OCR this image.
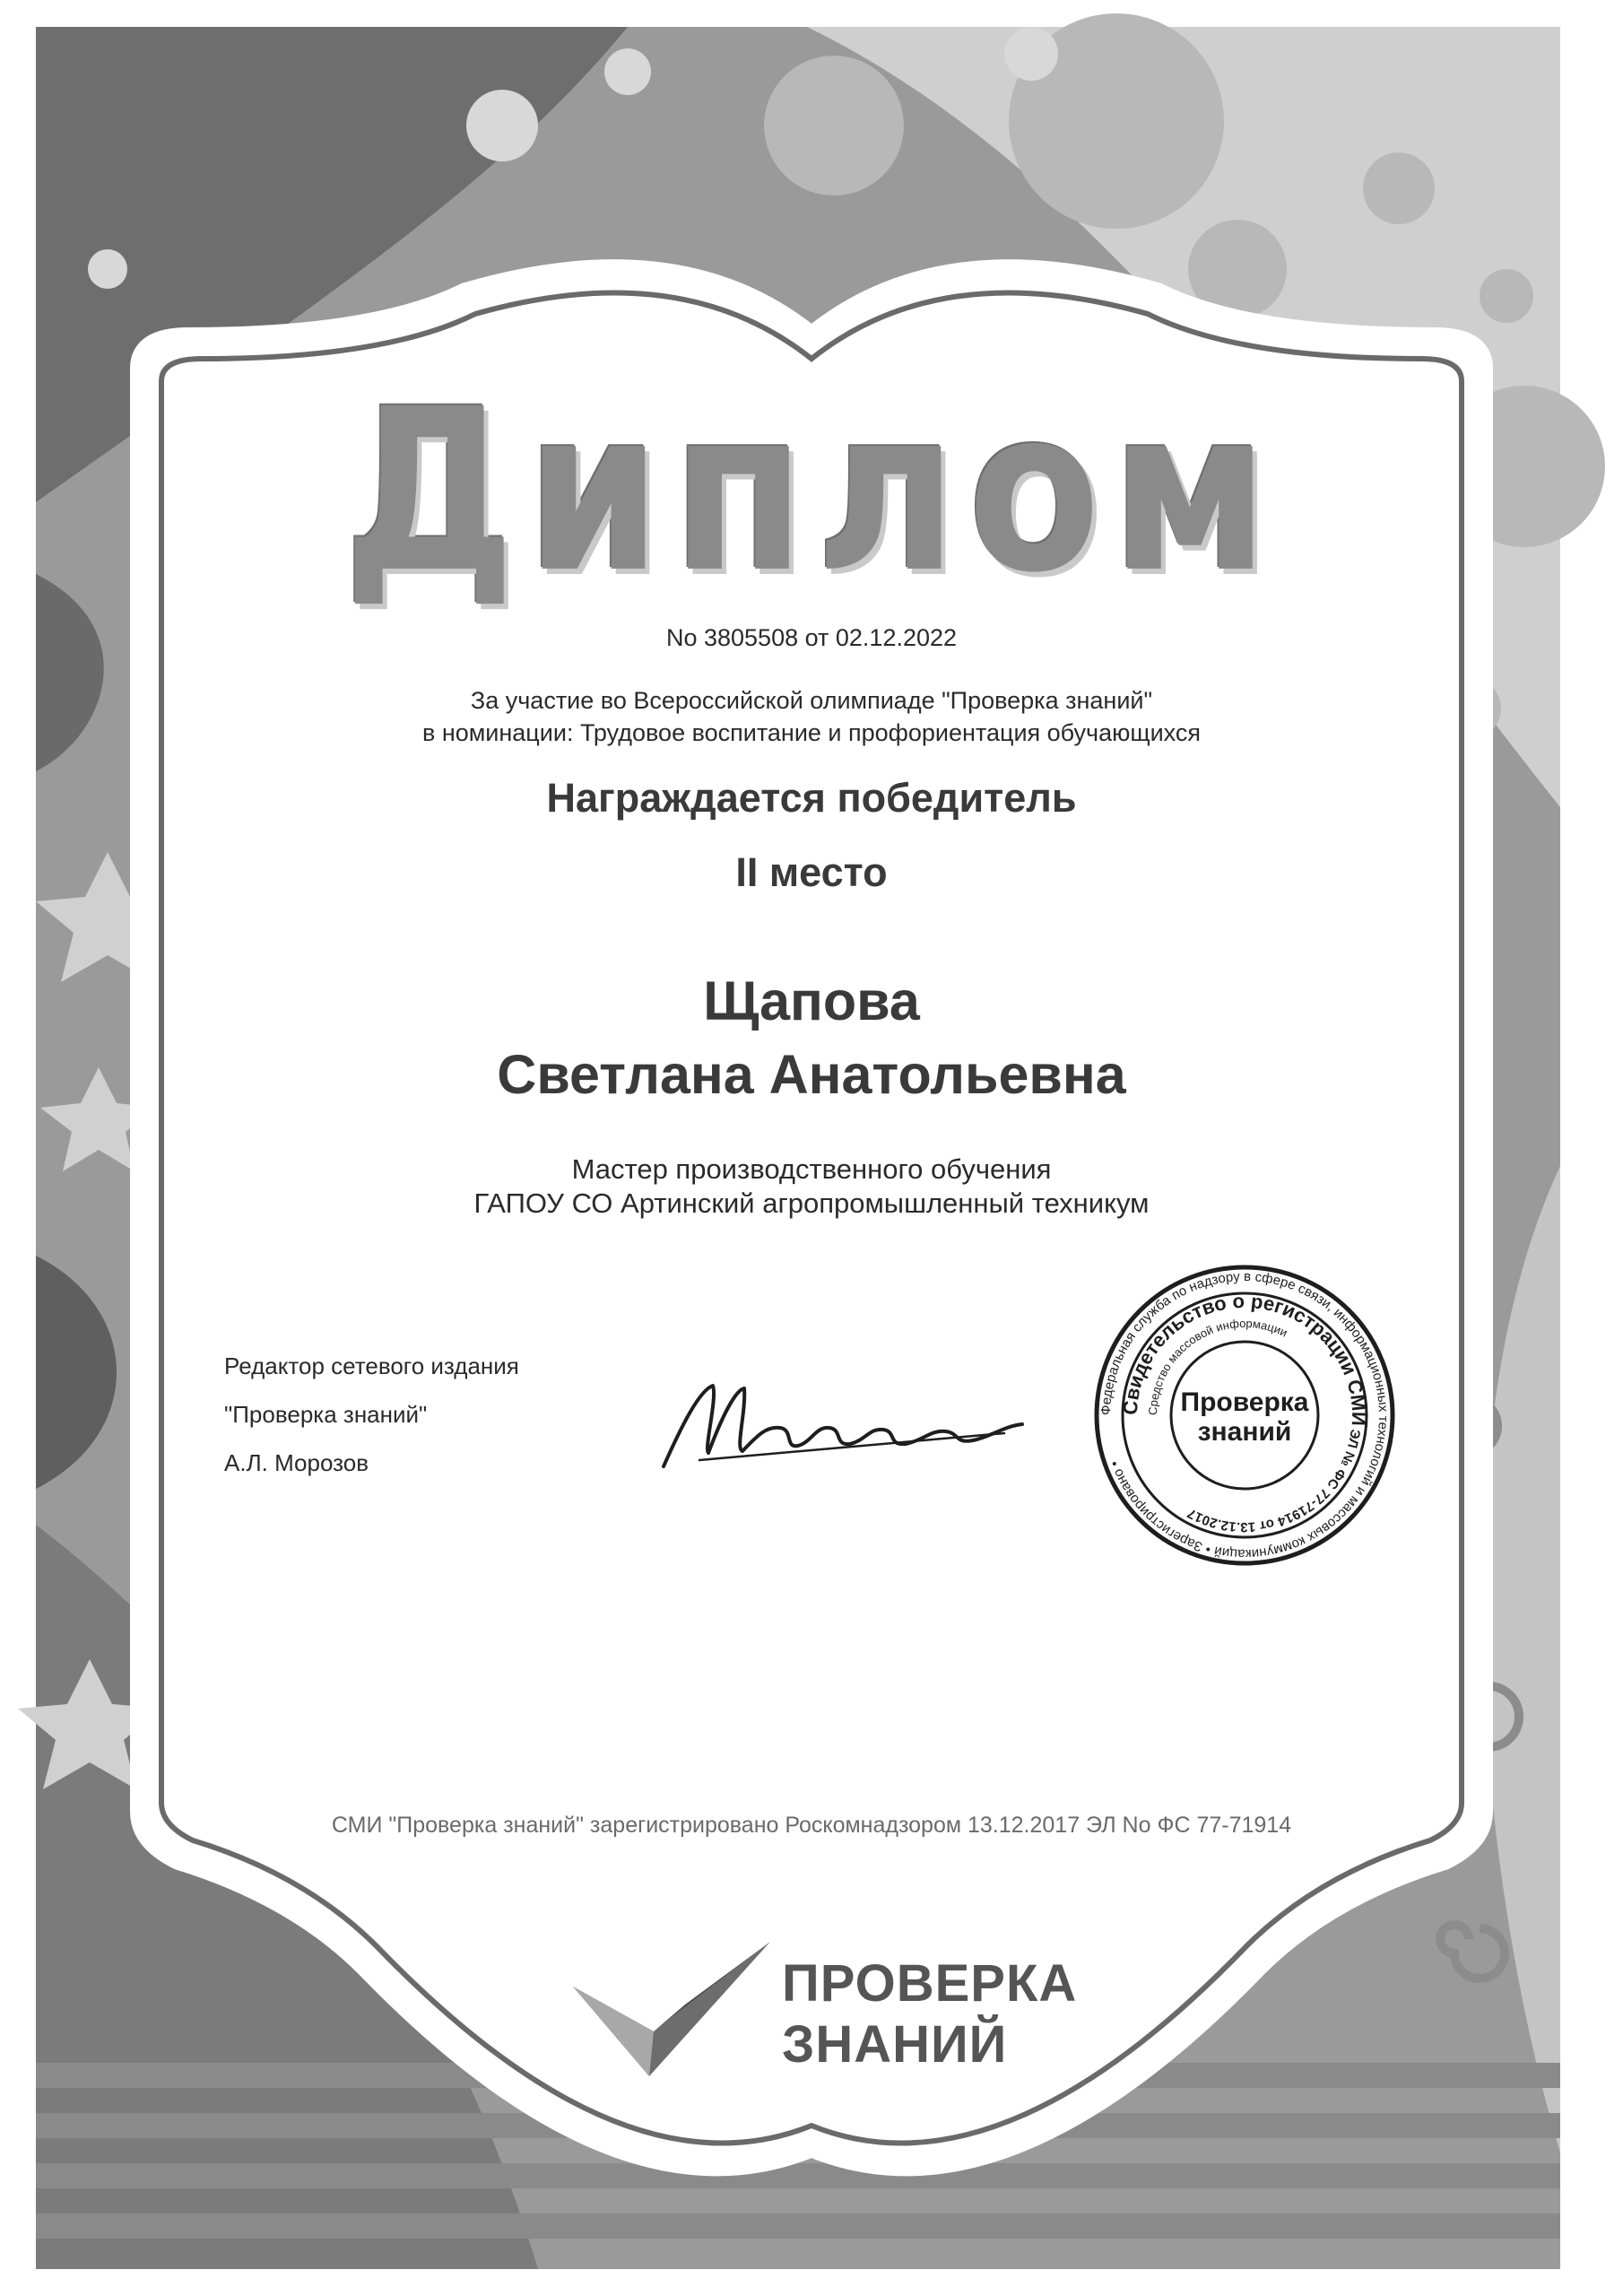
Диплом

No 3805508 от 02.12.2022

За участие во Всероссийской олимпиаде "Проверка знаний"

в номинации: Трудовое воспитание и профориентация обучающихся

Награждается победитель

II место

Щапова

Светлана Анатольевна

Мастер производственного обучения

ГАПОУ СО Артинский агропромышленный техникум

Редактор сетевого издания
"Проверка знаний"
А.Л. Морозов
Федеральная служба по надзору в сфере связи, информационных технологий и массовых коммуникаций • Зарегистрировано •
Свидетельство о регистрации СМИ
Средство массовой информации
ЭЛ № ФС 77-71914 от 13.12.2017
Проверка
знаний

СМИ "Проверка знаний" зарегистрировано Роскомнадзором 13.12.2017 ЭЛ No ФС 77-71914

ПРОВЕРКА
ЗНАНИЙ
